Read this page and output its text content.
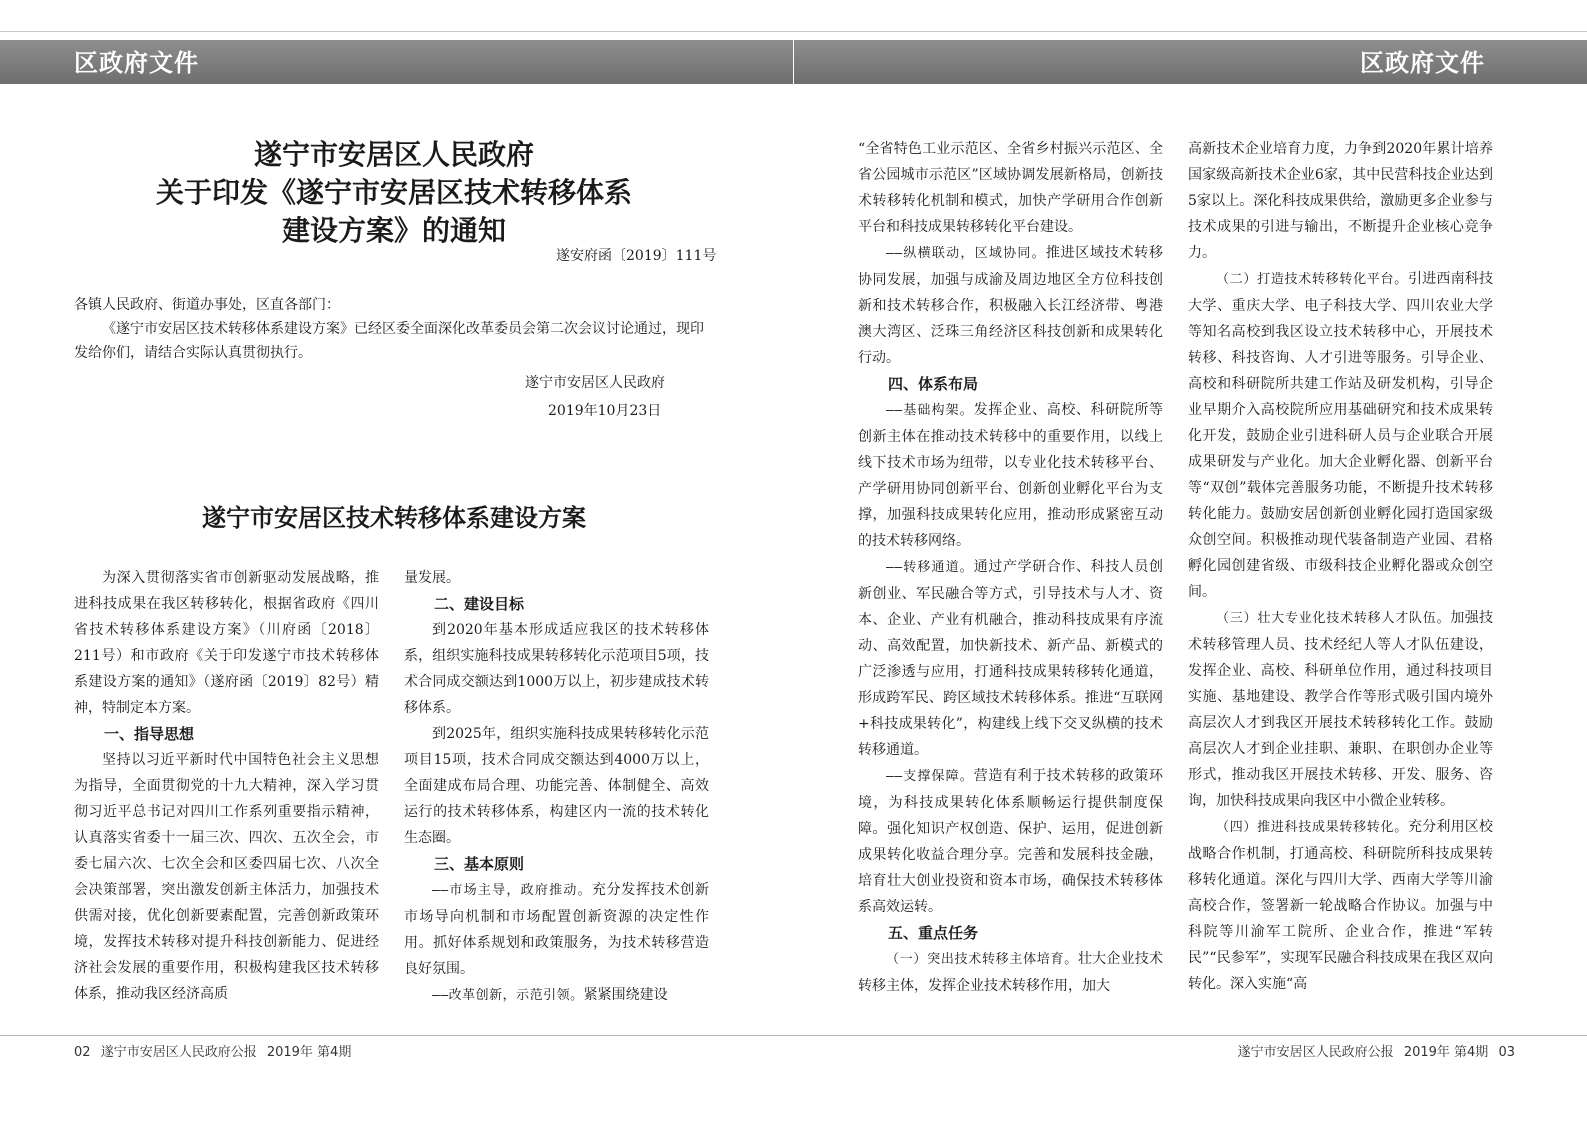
区政府文件	区政府文件
遂宁市安居区人民政府
关于印发《遂宁市安居区技术转移体系
建设方案》的通知

遂安府函〔2019〕111号

各镇人民政府、街道办事处，区直各部门：

《遂宁市安居区技术转移体系建设方案》已经区委全面深化改革委员会第二次会议讨论通过，现印发给你们，请结合实际认真贯彻执行。

遂宁市安居区人民政府
2019年10月23日
遂宁市安居区技术转移体系建设方案

为深入贯彻落实省市创新驱动发展战略，推进科技成果在我区转移转化，根据省政府《四川省技术转移体系建设方案》（川府函〔2018〕211号）和市政府《关于印发遂宁市技术转移体系建设方案的通知》（遂府函〔2019〕82号）精神，特制定本方案。

一、指导思想

坚持以习近平新时代中国特色社会主义思想为指导，全面贯彻党的十九大精神，深入学习贯彻习近平总书记对四川工作系列重要指示精神，认真落实省委十一届三次、四次、五次全会，市委七届六次、七次全会和区委四届七次、八次全会决策部署，突出激发创新主体活力，加强技术供需对接，优化创新要素配置，完善创新政策环境，发挥技术转移对提升科技创新能力、促进经济社会发展的重要作用，积极构建我区技术转移体系，推动我区经济高质

量发展。

二、建设目标

到2020年基本形成适应我区的技术转移体系，组织实施科技成果转移转化示范项目5项，技术合同成交额达到1000万以上，初步建成技术转移体系。

到2025年，组织实施科技成果转移转化示范项目15项，技术合同成交额达到4000万以上，全面建成布局合理、功能完善、体制健全、高效运行的技术转移体系，构建区内一流的技术转化生态圈。

三、基本原则

——市场主导，政府推动。充分发挥技术创新市场导向机制和市场配置创新资源的决定性作用。抓好体系规划和政策服务，为技术转移营造良好氛围。

——改革创新，示范引领。紧紧围绕建设

“全省特色工业示范区、全省乡村振兴示范区、全省公园城市示范区”区域协调发展新格局，创新技术转移转化机制和模式，加快产学研用合作创新平台和科技成果转移转化平台建设。

——纵横联动，区域协同。推进区域技术转移协同发展，加强与成渝及周边地区全方位科技创新和技术转移合作，积极融入长江经济带、粤港澳大湾区、泛珠三角经济区科技创新和成果转化行动。

四、体系布局

——基础构架。发挥企业、高校、科研院所等创新主体在推动技术转移中的重要作用，以线上线下技术市场为纽带，以专业化技术转移平台、产学研用协同创新平台、创新创业孵化平台为支撑，加强科技成果转化应用，推动形成紧密互动的技术转移网络。

——转移通道。通过产学研合作、科技人员创新创业、军民融合等方式，引导技术与人才、资本、企业、产业有机融合，推动科技成果有序流动、高效配置，加快新技术、新产品、新模式的广泛渗透与应用，打通科技成果转移转化通道，形成跨军民、跨区域技术转移体系。推进“互联网+科技成果转化”，构建线上线下交叉纵横的技术转移通道。

——支撑保障。营造有利于技术转移的政策环境，为科技成果转化体系顺畅运行提供制度保障。强化知识产权创造、保护、运用，促进创新成果转化收益合理分享。完善和发展科技金融，培育壮大创业投资和资本市场，确保技术转移体系高效运转。

五、重点任务

（一）突出技术转移主体培育。壮大企业技术转移主体，发挥企业技术转移作用，加大

高新技术企业培育力度，力争到2020年累计培养国家级高新技术企业6家，其中民营科技企业达到5家以上。深化科技成果供给，激励更多企业参与技术成果的引进与输出，不断提升企业核心竞争力。

（二）打造技术转移转化平台。引进西南科技大学、重庆大学、电子科技大学、四川农业大学等知名高校到我区设立技术转移中心，开展技术转移、科技咨询、人才引进等服务。引导企业、高校和科研院所共建工作站及研发机构，引导企业早期介入高校院所应用基础研究和技术成果转化开发，鼓励企业引进科研人员与企业联合开展成果研发与产业化。加大企业孵化器、创新平台等“双创”载体完善服务功能，不断提升技术转移转化能力。鼓励安居创新创业孵化园打造国家级众创空间。积极推动现代装备制造产业园、君格孵化园创建省级、市级科技企业孵化器或众创空间。

（三）壮大专业化技术转移人才队伍。加强技术转移管理人员、技术经纪人等人才队伍建设，发挥企业、高校、科研单位作用，通过科技项目实施、基地建设、教学合作等形式吸引国内境外高层次人才到我区开展技术转移转化工作。鼓励高层次人才到企业挂职、兼职、在职创办企业等形式，推动我区开展技术转移、开发、服务、咨询，加快科技成果向我区中小微企业转移。

（四）推进科技成果转移转化。充分利用区校战略合作机制，打通高校、科研院所科技成果转移转化通道。深化与四川大学、西南大学等川渝高校合作，签署新一轮战略合作协议。加强与中科院等川渝军工院所、企业合作，推进“军转民”“民参军”，实现军民融合科技成果在我区双向转化。深入实施“高

02 遂宁市安居区人民政府公报 2019年 第4期	遂宁市安居区人民政府公报 2019年 第4期 03
